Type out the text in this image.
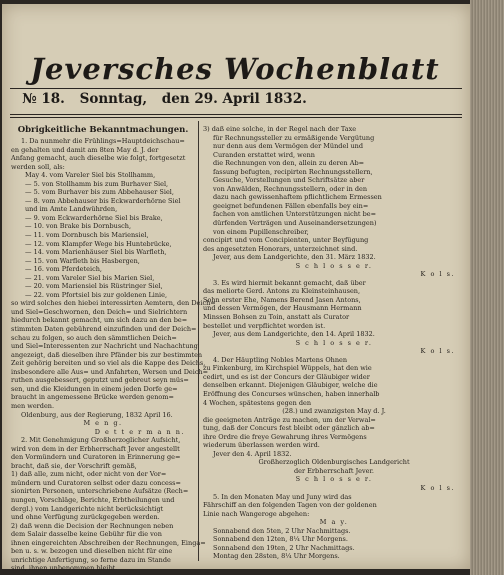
Jeversches Wochenblatt
№ 18. Sonntag, den 29. April 1832.
Obrigkeitliche Bekanntmachungen.
1. Da nunmehr die Frühlings=Hauptdeichschau=
en gehalten und damit am 8ten May d. J. der
Anfang gemacht, auch dieselbe wie folgt, fortgesetzt
werden soll, als:
May 4. vom Vareler Siel bis Stollhamm,
— 5. von Stollhamm bis zum Burhaver Siel,
— 5. vom Burhaver bis zum Abbehauser Siel,
— 8. vom Abbehauser bis Eckwarderhörne Siel
und im Amte Landwührden,
— 9. vom Eckwarderhörne Siel bis Brake,
— 10. von Brake bis Dornbusch,
— 11. vom Dornbusch bis Mariensiel,
— 12. vom Klampfer Wege bis Huntebrücke,
— 14. vom Marienhäuser Siel bis Warfleth,
— 15. von Warfleth bis Hasbergen,
— 16. vom Pferdeteich,
— 21. vom Vareler Siel bis Marien Siel,
— 20. vom Mariensiel bis Rüstringer Siel,
— 22. vom Pfortsiel bis zur goldenen Linie,
so wird solches den hiebei interessirten Aemtern, den Deich=
und Siel=Geschwornen, den Deich= und Sielrichtern
hiedurch bekannt gemacht, um sich dazu an den be=
stimmten Daten gebührend einzufinden und der Deich=
schau zu folgen, so auch den sämmtlichen Deich=
und Siel=Interessenten zur Nachricht und Nachachtung
angezeigt, daß dieselben ihre Pfänder bis zur bestimmten
Zeit gehörig bereiten und so viel als die Kappe des Deichs,
insbesondere alle Aus= und Anfahrten, Wersen und Deich=
ruthen ausgebessert, geputzt und gebreut seyn müs=
sen, und die Kleidungen in einem jeden Dorfe ge=
braucht in angemessene Brücke werden genom=
men werden.
Oldenburg, aus der Regierung, 1832 April 16.
M e n g.
D e t t e r m a n n.
2. Mit Genehmigung Großherzoglicher Aufsicht,
wird von dem in der Erbherrschaft Jever angestellt
den Vormündern und Curatoren in Erinnerung ge=
bracht, daß sie, der Vorschrift gemäß,
1) daß alle, zum nicht, oder nicht von der Vor=
mündern und Curatoren selbst oder dazu concess=
sionirten Personen, unterschriebene Aufsätze (Rech=
nungen, Vorschläge, Berichte, Erbtheilungen und
dergl.) vom Landgerichte nicht berücksichtigt
und ohne Verfügung zurückgegeben werden.
2) daß wenn die Decision der Rechnungen neben
dem Salair dasselbe keine Gebühr für die von
ihnen eingereichten Abschreiben der Rechnungen, Einga=
ben u. s. w. bezogen und dieselben nicht für eine
unrichtige Anfertigung, so ferne dazu im Stande
sind, ihnen unbenommen bleibt.
3) daß eine solche, in der Regel nach der Taxe
für Rechnungssteller zu ermäßigende Vergütung
nur denn aus dem Vermögen der Mündel und
Curanden erstattet wird, wenn
die Rechnungen von den, allein zu deren Ab=
fassung befugten, recipirten Rechnungsstellern,
Gesuche, Vorstellungen und Schriftsätze aber
von Anwälden, Rechnungsstellern, oder in den
dazu nach gewissenhaftem pflichtlichem Ermessen
geeignet befundenen Fällen ebenfalls bey ein=
fachen von amtlichen Unterstützungen nicht be=
dürfenden Verträgen und Auseinandersetzungen)
von einem Pupillenschreiber,
concipirt und vom Concipienten, unter Beyfügung
des angesetzten Honorars, unterzeichnet sind.
Jever, aus dem Landgerichte, den 31. März 1832.
S c h l o s s e r.
K o l s.
3. Es wird hiermit bekannt gemacht, daß über
das meliorte Gerd. Antons zu Kleinsteinhausen,
Sohn erster Ehe, Namens Berend Jasen Antons,
und dessen Vermögen, der Hausmann Hermann
Minssen Bohsen zu Toin, anstatt als Curator
bestellet und verpflichtet worden ist.
Jever, aus dem Landgerichte, den 14. April 1832.
S c h l o s s e r.
K o l s.
4. Der Häuptling Nobles Martens Ohnen
zu Finkenburg, im Kirchspiel Wüppels, hat den wie
cedirt, und es ist der Concurs der Gläubiger wider
denselben erkannt. Diejenigen Gläubiger, welche die
Eröffnung des Concurses wünschen, haben innerhalb
4 Wochen, spätestens gegen den
(28.) und zwanzigsten May d. J.
die geeigneten Anträge zu machen, um der Verwal=
tung, daß der Concurs fest bleibt oder gänzlich ab=
ihre Ordre die freye Gewahrung ihres Vermögens
wiederum überlassen werden wird.
Jever den 4. April 1832.
Großherzoglich Oldenburgisches Landgericht
der Erbherrschaft Jever.
S c h l o s s e r.
K o l s.
5. In den Monaten May und Juny wird das
Fährschiff an den folgenden Tagen von der goldenen
Linie nach Wangeroge abgehen:
M a y.
Sonnabend den 5ten, 2 Uhr Nachmittags.
Sonnabend den 12ten, 8¼ Uhr Morgens.
Sonnabend den 19ten, 2 Uhr Nachmittags.
Montag den 28sten, 8¼ Uhr Morgens.
